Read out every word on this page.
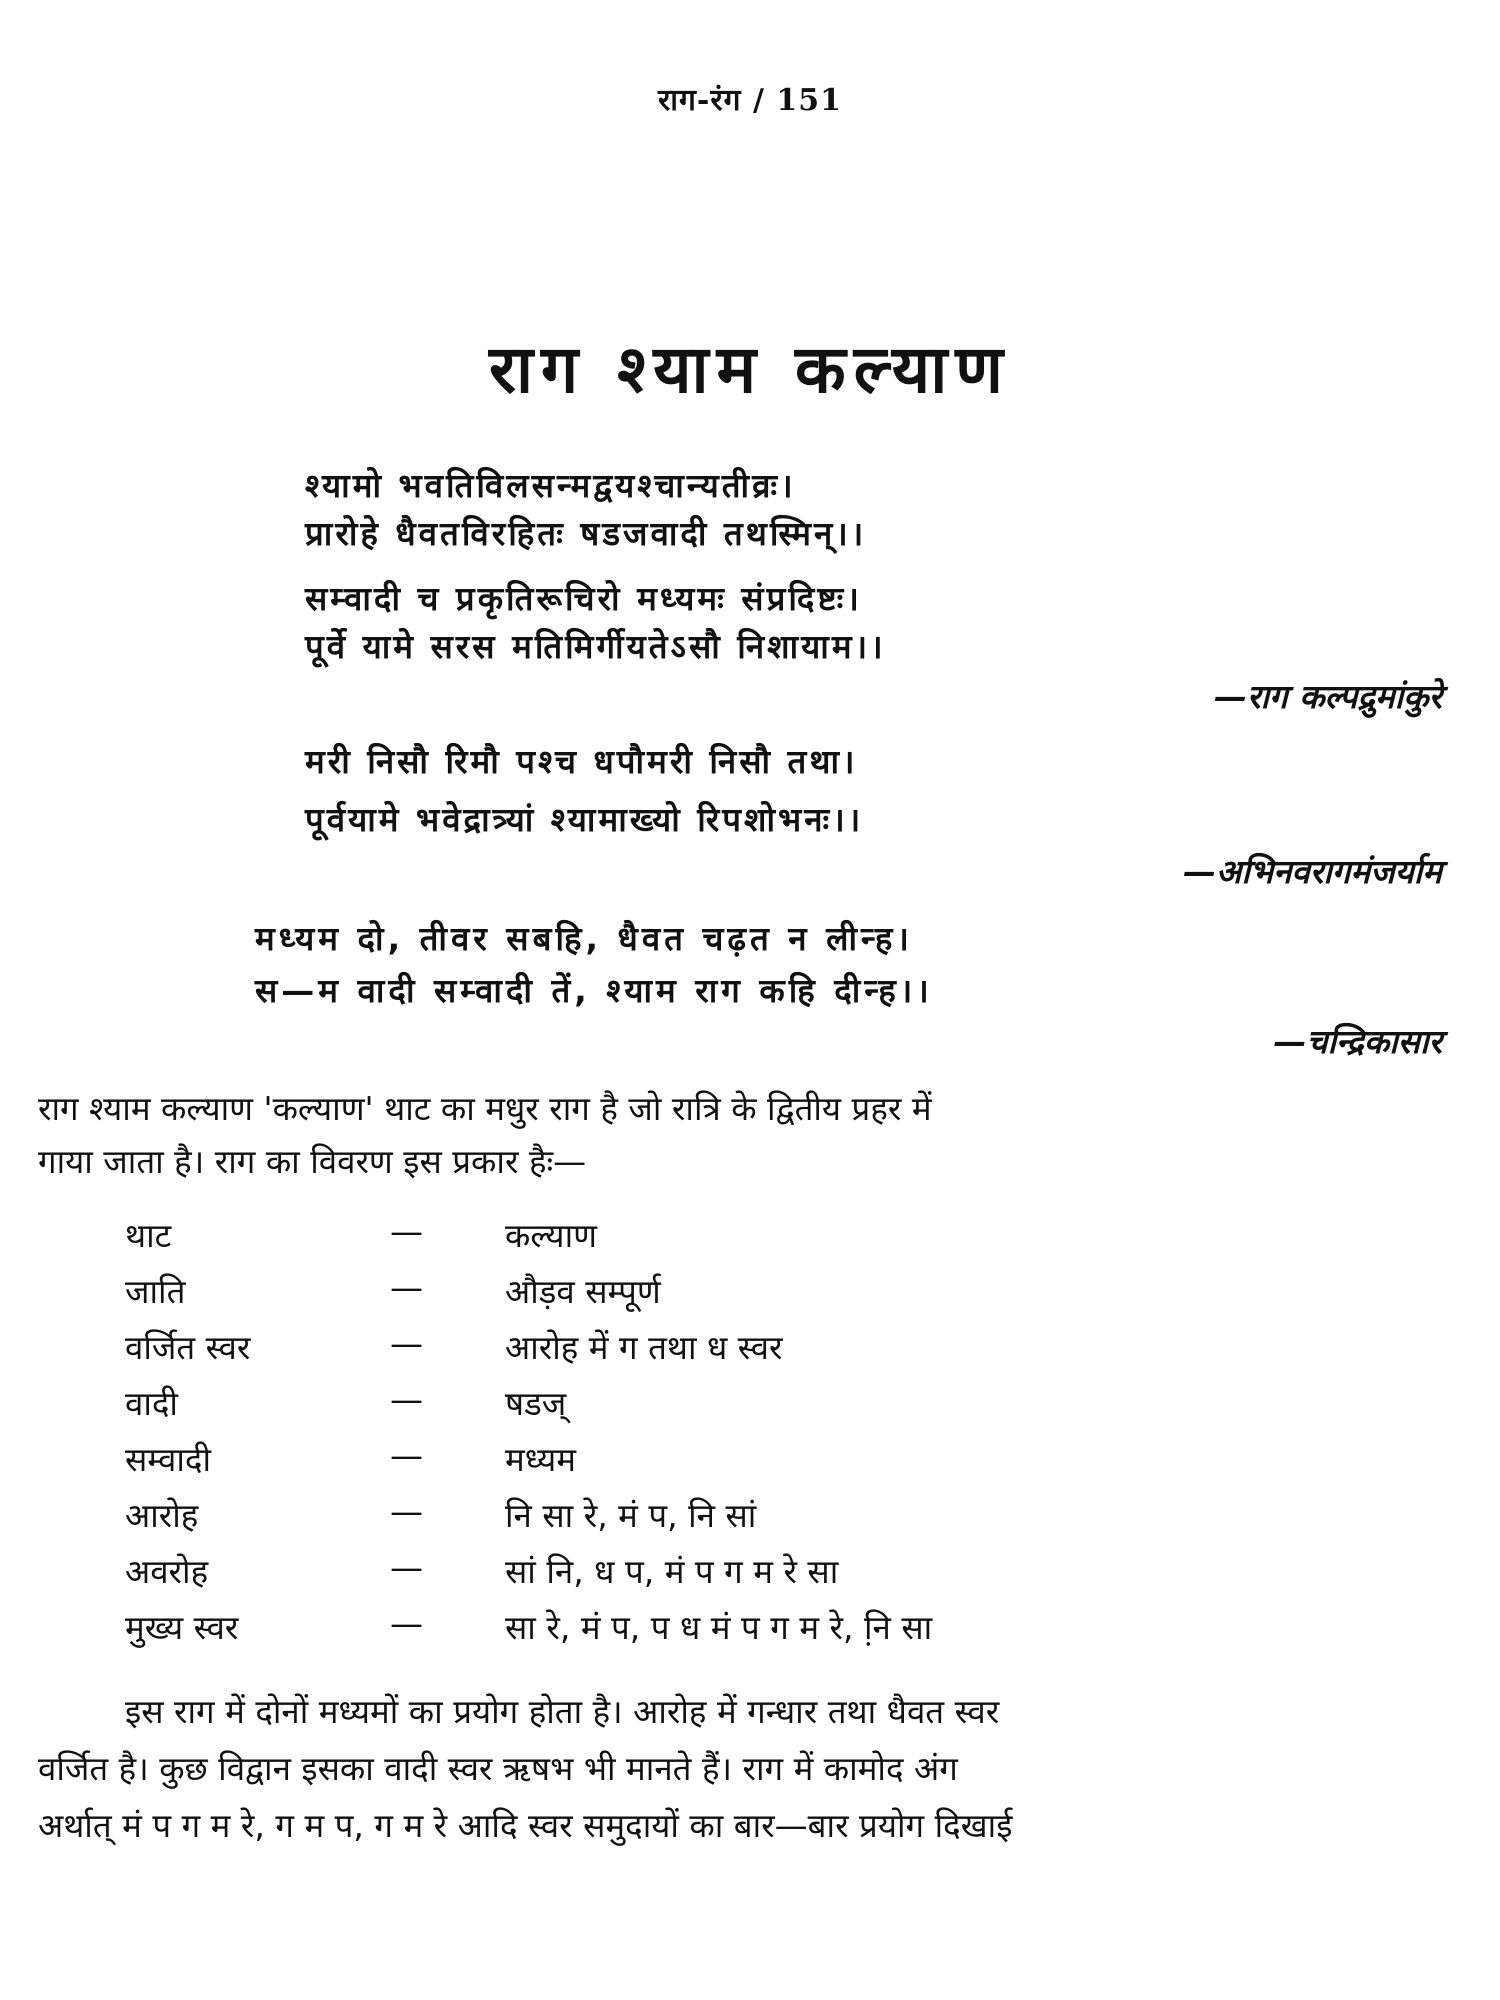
राग-रंग / 151
राग श्याम कल्याण
श्यामो भवतिविलसन्मद्वयश्चान्यतीव्रः।
प्रारोहे धैवतविरहितः षडजवादी तथस्मिन्।।
सम्वादी च प्रकृतिरूचिरो मध्यमः संप्रदिष्टः।
पूर्वे यामे सरस मतिमिर्गीयतेऽसौ निशायाम।।
—राग कल्पद्रुमांकुरे
मरी निसौ रिमौ पश्च धपौमरी निसौ तथा।
पूर्वयामे भवेद्रात्र्यां श्यामाख्यो रिपशोभनः।।
—अभिनवरागमंजर्याम
मध्यम दो, तीवर सबहि, धैवत चढ़त न लीन्ह।
स—म वादी सम्वादी तें, श्याम राग कहि दीन्ह।।
—चन्द्रिकासार
राग श्याम कल्याण 'कल्याण' थाट का मधुर राग है जो रात्रि के द्वितीय प्रहर में
गाया जाता है। राग का विवरण इस प्रकार हैः—
थाट	— कल्याण
जाति	— औड़व सम्पूर्ण
वर्जित स्वर	— आरोह में ग तथा ध स्वर
वादी	— षडज्
सम्वादी	— मध्यम
आरोह	— नि सा रे, मं प, नि सां
अवरोह	— सां नि, ध प, मं प ग म रे सा
मुख्य स्वर	— सा रे, मं प, प ध मं प ग म रे, नि़ सा
इस राग में दोनों मध्यमों का प्रयोग होता है। आरोह में गन्धार तथा धैवत स्वर
वर्जित है। कुछ विद्वान इसका वादी स्वर ऋषभ भी मानते हैं। राग में कामोद अंग
अर्थात् मं प ग म रे, ग म प, ग म रे आदि स्वर समुदायों का बार—बार प्रयोग दिखाई
